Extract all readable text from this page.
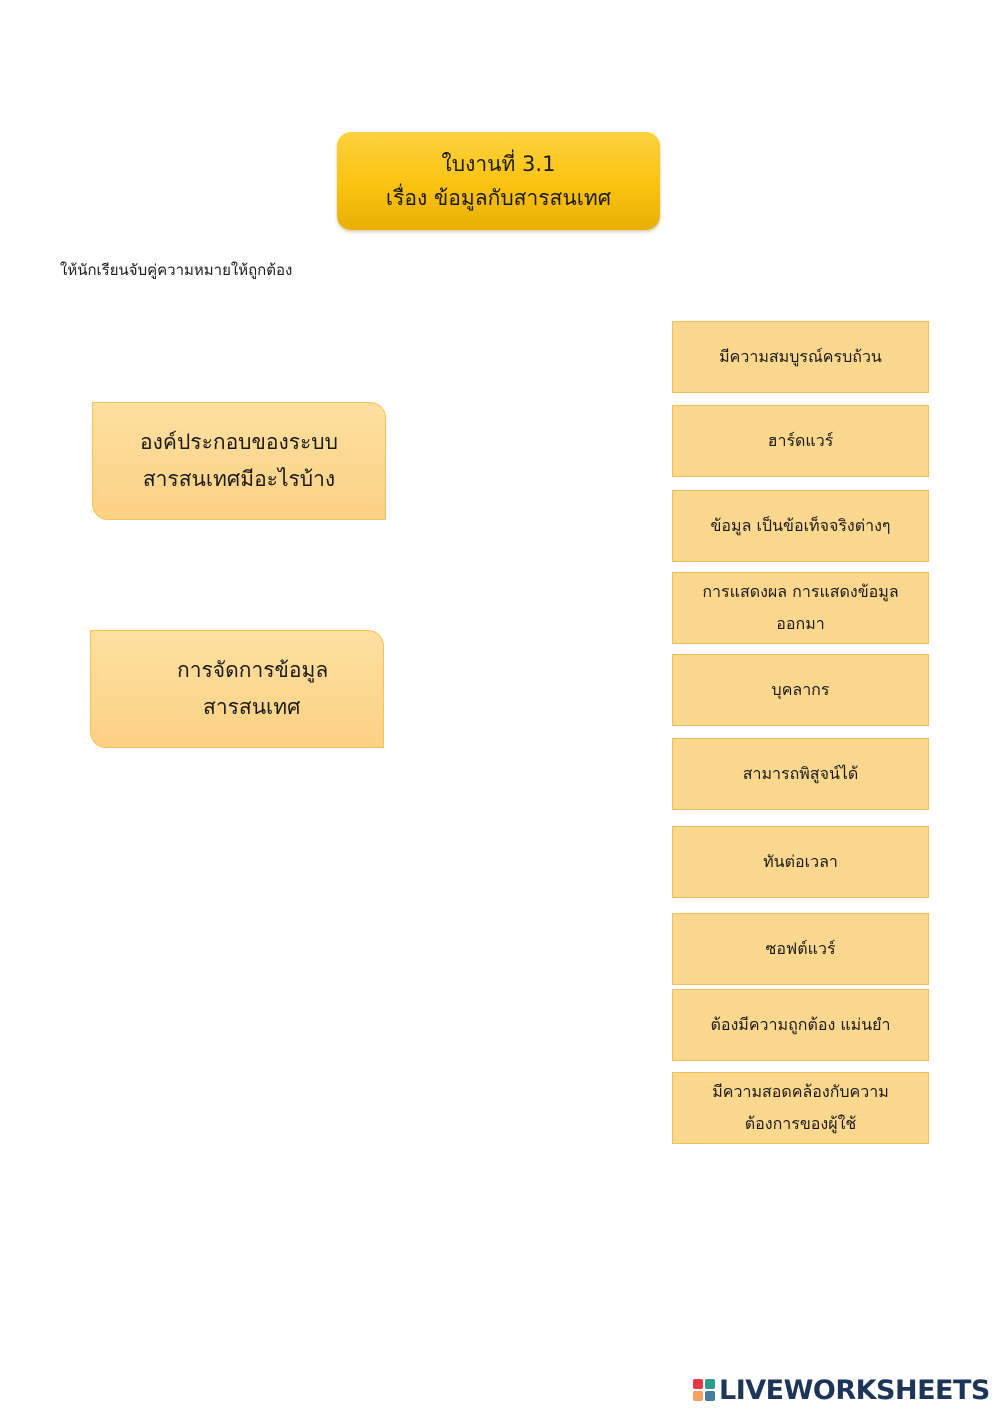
ใบงานที่ 3.1
เรื่อง ข้อมูลกับสารสนเทศ
ให้นักเรียนจับคู่ความหมายให้ถูกต้อง
องค์ประกอบของระบบ
สารสนเทศมีอะไรบ้าง
การจัดการข้อมูล
สารสนเทศ
มีความสมบูรณ์ครบถ้วน
ฮาร์ดแวร์
ข้อมูล เป็นข้อเท็จจริงต่างๆ
การแสดงผล การแสดงข้อมูล
ออกมา
บุคลากร
สามารถพิสูจน์ได้
ทันต่อเวลา
ซอฟต์แวร์
ต้องมีความถูกต้อง แม่นยำ
มีความสอดคล้องกับความ
ต้องการของผู้ใช้
LIVEWORKSHEETS
